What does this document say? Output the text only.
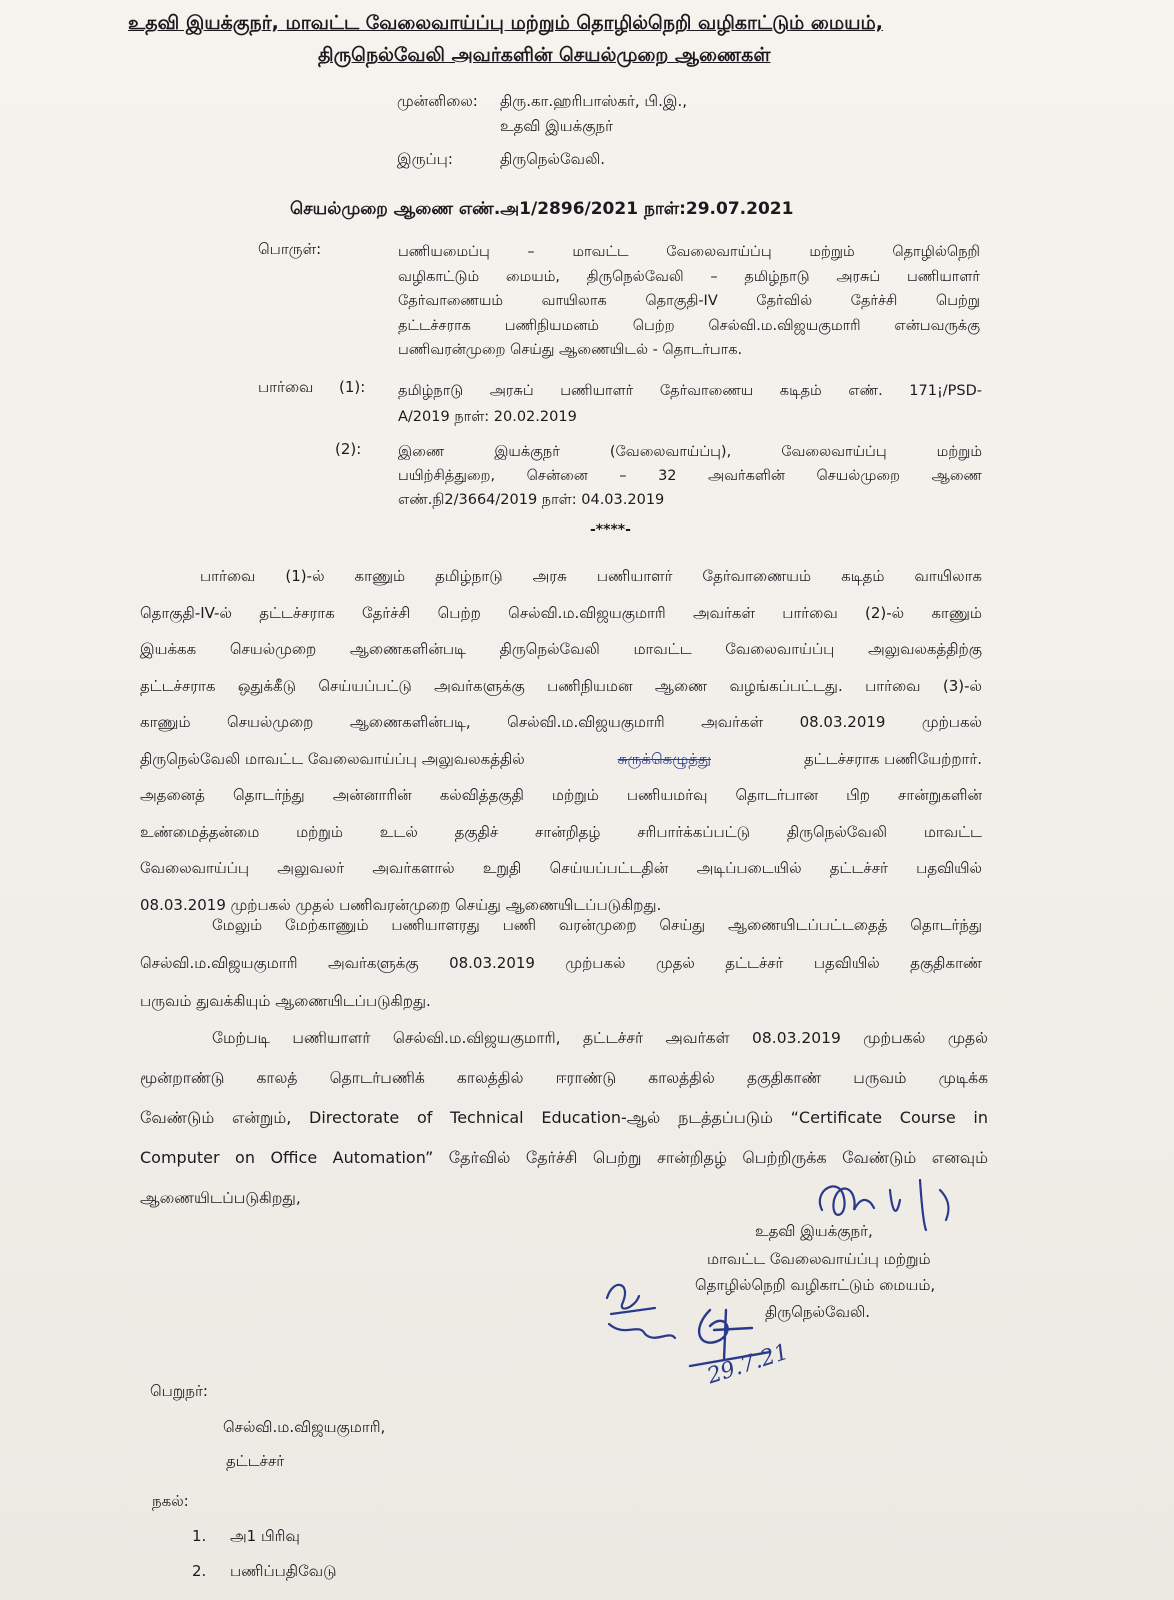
உதவி இயக்குநர், மாவட்ட வேலைவாய்ப்பு மற்றும் தொழில்நெறி வழிகாட்டும் மையம்,
திருநெல்வேலி அவர்களின் செயல்முறை ஆணைகள்
முன்னிலை: திரு.கா.ஹரிபாஸ்கர், பி.இ.,
உதவி இயக்குநர்
இருப்பு:	திருநெல்வேலி.
செயல்முறை ஆணை எண்.அ1/2896/2021 நாள்:29.07.2021
பொருள்:	பணியமைப்பு – மாவட்ட வேலைவாய்ப்பு மற்றும் தொழில்நெறி
வழிகாட்டும் மையம், திருநெல்வேலி – தமிழ்நாடு அரசுப் பணியாளர்
தேர்வாணையம் வாயிலாக தொகுதி-IV தேர்வில் தேர்ச்சி பெற்று
தட்டச்சராக பணிநியமனம் பெற்ற செல்வி.ம.விஜயகுமாரி என்பவருக்கு
பணிவரன்முறை செய்து ஆணையிடல் - தொடர்பாக.
பார்வை (1): தமிழ்நாடு அரசுப் பணியாளர் தேர்வாணைய கடிதம் எண். 171¡/PSD-
A/2019 நாள்: 20.02.2019
(2):	இணை இயக்குநர் (வேலைவாய்ப்பு), வேலைவாய்ப்பு மற்றும்
பயிற்சித்துறை, சென்னை – 32 அவர்களின் செயல்முறை ஆணை
எண்.நி2/3664/2019 நாள்: 04.03.2019
-****-
பார்வை (1)-ல் காணும் தமிழ்நாடு அரசு பணியாளர் தேர்வாணையம் கடிதம் வாயிலாக
தொகுதி-IV-ல் தட்டச்சராக தேர்ச்சி பெற்ற செல்வி.ம.விஜயகுமாரி அவர்கள் பார்வை (2)-ல் காணும்
இயக்கக செயல்முறை ஆணைகளின்படி திருநெல்வேலி மாவட்ட வேலைவாய்ப்பு அலுவலகத்திற்கு
தட்டச்சராக ஒதுக்கீடு செய்யப்பட்டு அவர்களுக்கு பணிநியமன ஆணை வழங்கப்பட்டது. பார்வை (3)-ல்
காணும் செயல்முறை ஆணைகளின்படி, செல்வி.ம.விஜயகுமாரி அவர்கள் 08.03.2019 முற்பகல்
திருநெல்வேலி மாவட்ட வேலைவாய்ப்பு அலுவலகத்தில்	சுருக்கெழுத்து	தட்டச்சராக பணியேற்றார்.
அதனைத் தொடர்ந்து அன்னாரின் கல்வித்தகுதி மற்றும் பணியமர்வு தொடர்பான பிற சான்றுகளின்
உண்மைத்தன்மை மற்றும் உடல் தகுதிச் சான்றிதழ் சரிபார்க்கப்பட்டு திருநெல்வேலி மாவட்ட
வேலைவாய்ப்பு அலுவலர் அவர்களால் உறுதி செய்யப்பட்டதின் அடிப்படையில் தட்டச்சர் பதவியில்
08.03.2019 முற்பகல் முதல் பணிவரன்முறை செய்து ஆணையிடப்படுகிறது.
மேலும் மேற்காணும் பணியாளரது பணி வரன்முறை செய்து ஆணையிடப்பட்டதைத் தொடர்ந்து
செல்வி.ம.விஜயகுமாரி அவர்களுக்கு 08.03.2019 முற்பகல் முதல் தட்டச்சர் பதவியில் தகுதிகாண்
பருவம் துவக்கியும் ஆணையிடப்படுகிறது.
மேற்படி பணியாளர் செல்வி.ம.விஜயகுமாரி, தட்டச்சர் அவர்கள் 08.03.2019 முற்பகல் முதல்
மூன்றாண்டு காலத் தொடர்பணிக் காலத்தில் ஈராண்டு காலத்தில் தகுதிகாண் பருவம் முடிக்க
வேண்டும் என்றும், Directorate of Technical Education-ஆல் நடத்தப்படும் “Certificate Course in
Computer on Office Automation” தேர்வில் தேர்ச்சி பெற்று சான்றிதழ் பெற்றிருக்க வேண்டும் எனவும்
ஆணையிடப்படுகிறது,
உதவி இயக்குநர்,
மாவட்ட வேலைவாய்ப்பு மற்றும்
தொழில்நெறி வழிகாட்டும் மையம்,
திருநெல்வேலி.
29.7.21
பெறுநர்:
செல்வி.ம.விஜயகுமாரி,
தட்டச்சர்
நகல்:
1. அ1 பிரிவு
2. பணிப்பதிவேடு
